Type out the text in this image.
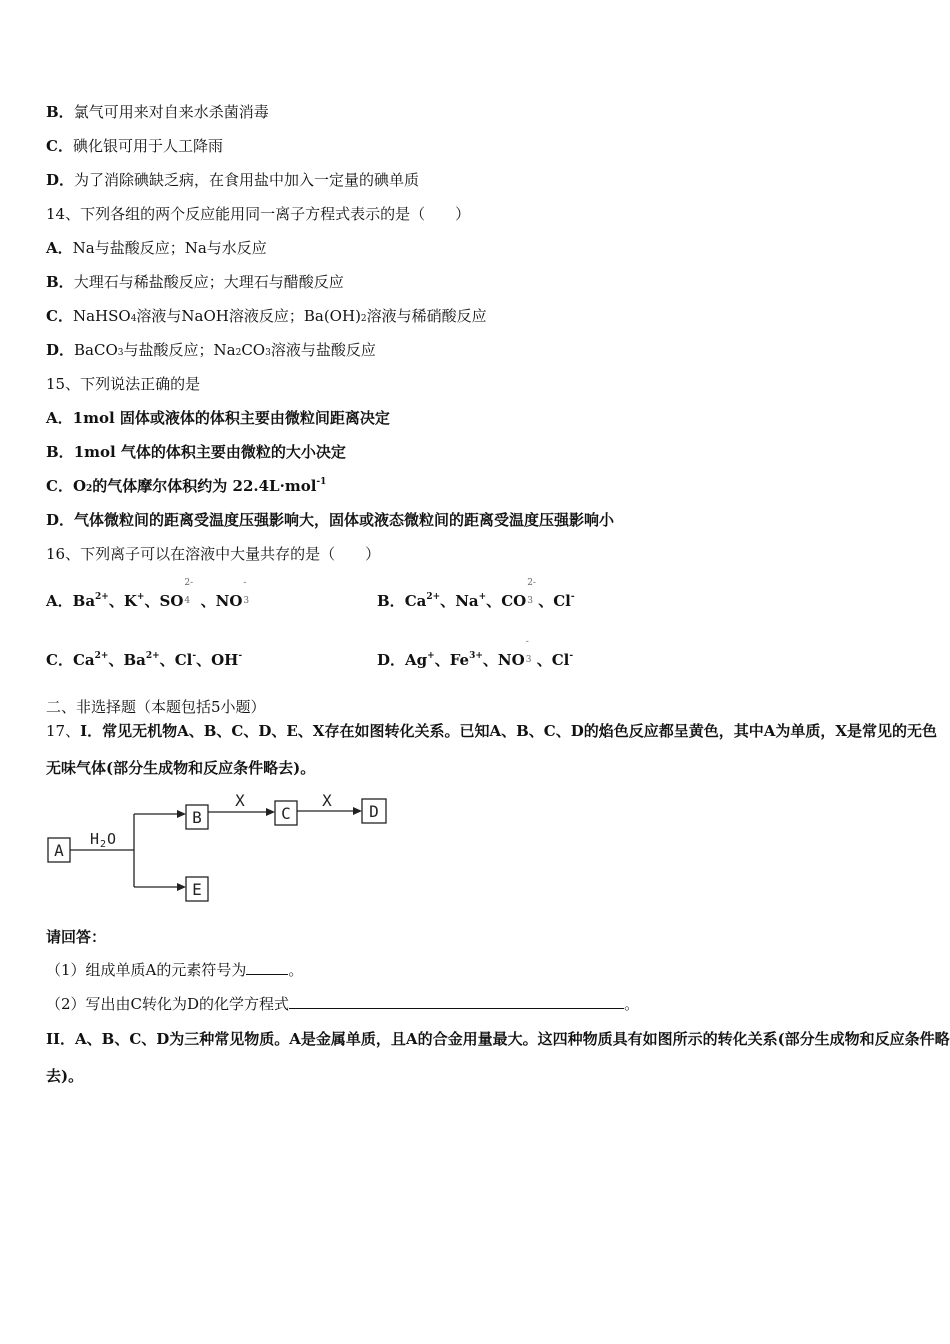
B．氯气可用来对自来水杀菌消毒
C．碘化银可用于人工降雨
D．为了消除碘缺乏病，在食用盐中加入一定量的碘单质
14、下列各组的两个反应能用同一离子方程式表示的是（　　）
A．Na与盐酸反应；Na与水反应
B．大理石与稀盐酸反应；大理石与醋酸反应
C．NaHSO$_4$溶液与NaOH溶液反应；$Ba(OH)_2$溶液与稀硝酸反应
D．BaCO$_3$与盐酸反应；$Na_2CO_3$溶液与盐酸反应
15、下列说法正确的是
A．1mol 固体或液体的体积主要由微粒间距离决定
B．1mol 气体的体积主要由微粒的大小决定
C．$O_2$的气体摩尔体积约为 22.4L·mol$^{-1}$
D．气体微粒间的距离受温度压强影响大，固体或液态微粒间的距离受温度压强影响小
16、下列离子可以在溶液中大量共存的是（　　）
A．$Ba^{2+}$、K+、SO
2-
4 、NO
-
3	B．$Ca^{2+}$、Na+、CO
2-
3 、Cl-
C．$Ca^{2+}$、$Ba^{2+}$、Cl-、OH-	D．Ag+、$Fe^{3+}$、NO
-
3 、Cl-
二、非选择题（本题包括5小题）
17、I．常见无机物A、B、C、D、E、X存在如图转化关系。已知A、B、C、D的焰色反应都呈黄色，其中A为单质，X是常见的无色无味气体(部分生成物和反应条件略去)。
A
B	C	D
E
X	X
H 2 O
请回答：
（1）组成单质A的元素符号为	。
（2）写出由C转化为D的化学方程式	。
II．A、B、C、D为三种常见物质。A是金属单质，且A的合金用量最大。这四种物质具有如图所示的转化关系(部分生成物和反应条件略去)。
